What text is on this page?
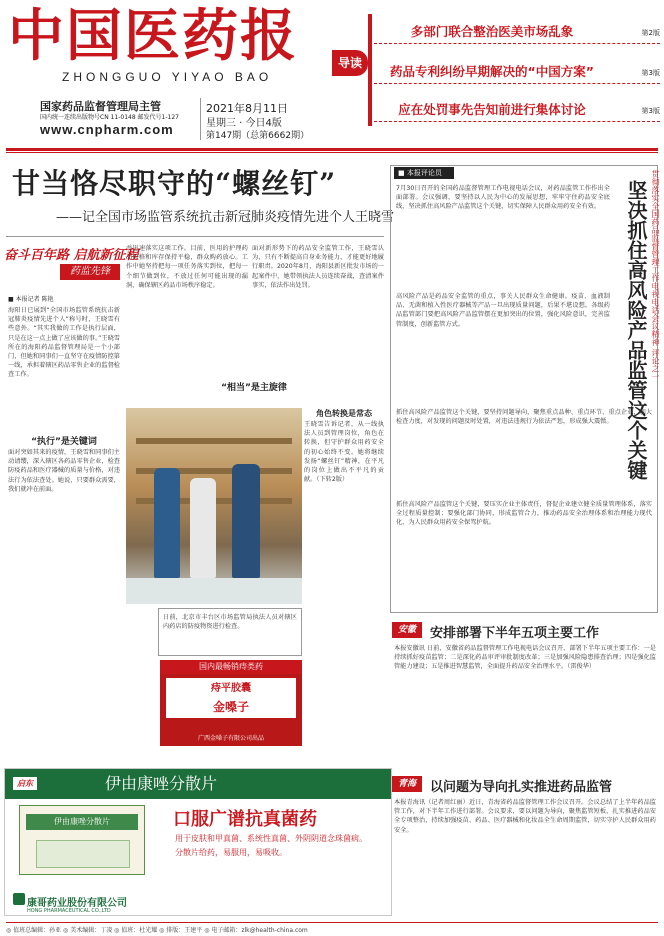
中国医药报
ZHONGGUO YIYAO BAO
国家药品监督管理局主管
国内统一连续出版物号CN 11-0148 邮发代号1-127
www.cnpharm.com
2021年8月11日
星期三 · 今日4版
第147期（总第6662期）
导读
多部门联合整治医美市场乱象	第2版
药品专利纠纷早期解决的“中国方案”	第3版
应在处罚事先告知前进行集体讨论	第3版
甘当恪尽职守的“螺丝钉”
——记全国市场监管系统抗击新冠肺炎疫情先进个人王晓雪
奋斗百年路 启航新征程
药监先锋
■ 本报记者 陈艳
海阳日已展到“全国市场监管系统抗击新冠肺炎疫情先进个人”称号时，王晓雪有些意外。“其实我做的工作是执行层面，只是在这一点上做了应该做的事。”王晓雪所在的海阳药品监督管理局是一个小部门，但她和同事们一直坚守在疫情防控第一线，承担着辖区药品零售企业的监督检查工作。
“执行”是关键词
面对突如其来的疫情，王晓雪和同事们主动请缨，深入辖区各药品零售企业，检查防疫药品和医疗器械的质量与价格，对违法行为依法查处。她说，只要群众需要，我们就冲在前面。
并迅速落实这项工作。目前，医用的护理药品价格和库存保持平稳，群众购药放心。工作中她坚持把每一项任务落实到位，把每一个细节做到位，不放过任何可能出现的漏洞，确保辖区药品市场秩序稳定。
“相当”是主旋律
面对新形势下的药品安全监管工作，王晓雪认为，只有不断提高自身业务能力，才能更好地履行职责。2020年8月，海阳县新区批发市场的一起案件中，她带领执法人员连续奋战，查清案件事实，依法作出处罚。
角色转换是常态
王晓雪告诉记者，从一线执法人员到管理岗位，角色在转换，但守护群众用药安全的初心始终不变。她将继续发扬“螺丝钉”精神，在平凡的岗位上做出不平凡的贡献。（下转2版）
日前，北京市丰台区市场监管局执法人员对辖区内药店的防疫物资进行检查。
国内最畅销痔类药
痔平胶囊
金嗓子
广西金嗓子有限公司出品
■ 本报评论员
坚决抓住高风险产品监管这个关键 贯彻落实全国药品监督管理工作电视电话会议精神 评论之一
7月30日召开的全国药品监督管理工作电视电话会议，对药品监管工作作出全面部署。会议强调，要坚持以人民为中心的发展思想，牢牢守住药品安全底线，坚决抓住高风险产品监管这个关键，切实保障人民群众用药安全有效。
高风险产品是药品安全监管的重点，事关人民群众生命健康。疫苗、血液制品、无菌和植入性医疗器械等产品一旦出现质量问题，后果不堪设想。各级药品监管部门要把高风险产品监管摆在更加突出的位置，强化风险意识，完善监管制度，创新监管方式。
抓住高风险产品监管这个关键，要坚持问题导向，聚焦重点品种、重点环节、重点企业，加大检查力度，对发现的问题及时处置，对违法违规行为依法严惩，形成强大震慑。
抓住高风险产品监管这个关键，要压实企业主体责任，督促企业建立健全质量管理体系，落实全过程质量控制；要强化部门协同，形成监管合力，推动药品安全治理体系和治理能力现代化，为人民群众用药安全保驾护航。
安徽	安排部署下半年五项主要工作
本报安徽讯 日前，安徽省药品监督管理工作电视电话会议召开，部署下半年五项主要工作：一是持续抓好疫苗监管；二是深化药品审评审批制度改革；三是加强风险隐患排查治理；四是强化监管能力建设；五是推进智慧监管，全面提升药品安全治理水平。（雷俊华）
青海	以问题为导向扎实推进药品监管
本报青海讯（记者周红丽）近日，青海省药品监督管理工作会议召开。会议总结了上半年药品监管工作，对下半年工作进行部署。会议要求，要以问题为导向，聚焦监管短板，扎实推进药品安全专项整治，持续加强疫苗、药品、医疗器械和化妆品全生命周期监管，切实守护人民群众用药安全。
启东	伊由康唑分散片
伊由康唑分散片	口服广谱抗真菌药
用于皮肤和甲真菌、系统性真菌、外阴阴道念珠菌病。
分散片给药，易服用，易吸收。
康哥药业股份有限公司
HONG PHARMACEUTICAL CO.,LTD
◎ 值班总编辑：孙亚 ◎ 美术编辑：丁凌 ◎ 值班：杜光耀 ◎ 排版：王建平 ◎ 电子邮箱：zlk@health-china.com
